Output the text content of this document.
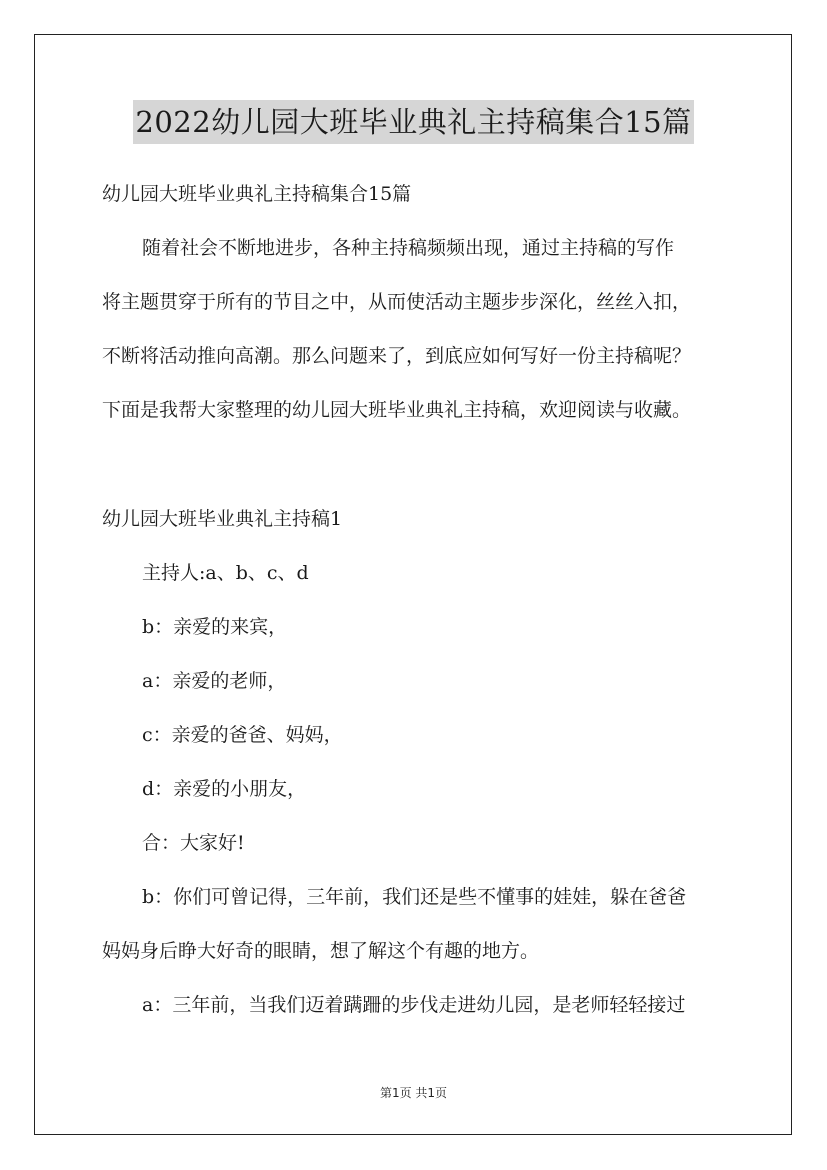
2022幼儿园大班毕业典礼主持稿集合15篇
幼儿园大班毕业典礼主持稿集合15篇
随着社会不断地进步，各种主持稿频频出现，通过主持稿的写作
将主题贯穿于所有的节目之中，从而使活动主题步步深化，丝丝入扣，
不断将活动推向高潮。那么问题来了，到底应如何写好一份主持稿呢？
下面是我帮大家整理的幼儿园大班毕业典礼主持稿，欢迎阅读与收藏。
幼儿园大班毕业典礼主持稿1
主持人:a、b、c、d
b：亲爱的来宾，
a：亲爱的老师，
c：亲爱的爸爸、妈妈，
d：亲爱的小朋友，
合：大家好!
b：你们可曾记得，三年前，我们还是些不懂事的娃娃，躲在爸爸
妈妈身后睁大好奇的眼睛，想了解这个有趣的地方。
a：三年前，当我们迈着蹒跚的步伐走进幼儿园，是老师轻轻接过
第1页 共1页
